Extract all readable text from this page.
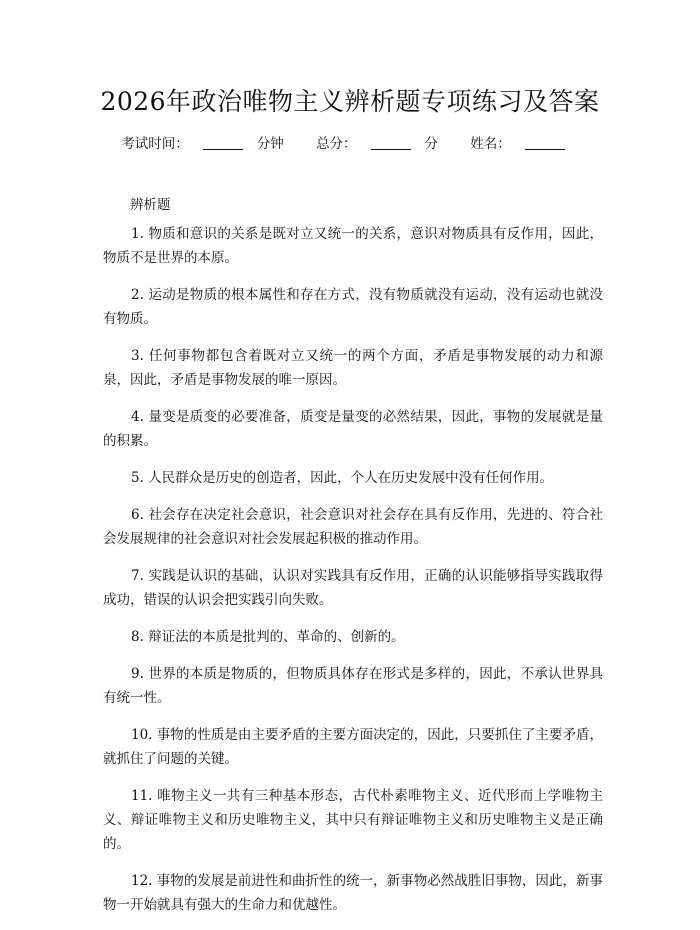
2026年政治唯物主义辨析题专项练习及答案
考试时间：	分钟 总分：	分 姓名：
辨析题

1. 物质和意识的关系是既对立又统一的关系，意识对物质具有反作用，因此，物质不是世界的本原。

2. 运动是物质的根本属性和存在方式，没有物质就没有运动，没有运动也就没有物质。

3. 任何事物都包含着既对立又统一的两个方面，矛盾是事物发展的动力和源泉，因此，矛盾是事物发展的唯一原因。

4. 量变是质变的必要准备，质变是量变的必然结果，因此，事物的发展就是量的积累。

5. 人民群众是历史的创造者，因此，个人在历史发展中没有任何作用。

6. 社会存在决定社会意识，社会意识对社会存在具有反作用，先进的、符合社会发展规律的社会意识对社会发展起积极的推动作用。

7. 实践是认识的基础，认识对实践具有反作用，正确的认识能够指导实践取得成功，错误的认识会把实践引向失败。

8. 辩证法的本质是批判的、革命的、创新的。

9. 世界的本质是物质的，但物质具体存在形式是多样的，因此，不承认世界具有统一性。

10. 事物的性质是由主要矛盾的主要方面决定的，因此，只要抓住了主要矛盾，就抓住了问题的关键。

11. 唯物主义一共有三种基本形态，古代朴素唯物主义、近代形而上学唯物主义、辩证唯物主义和历史唯物主义，其中只有辩证唯物主义和历史唯物主义是正确的。

12. 事物的发展是前进性和曲折性的统一，新事物必然战胜旧事物，因此，新事物一开始就具有强大的生命力和优越性。
